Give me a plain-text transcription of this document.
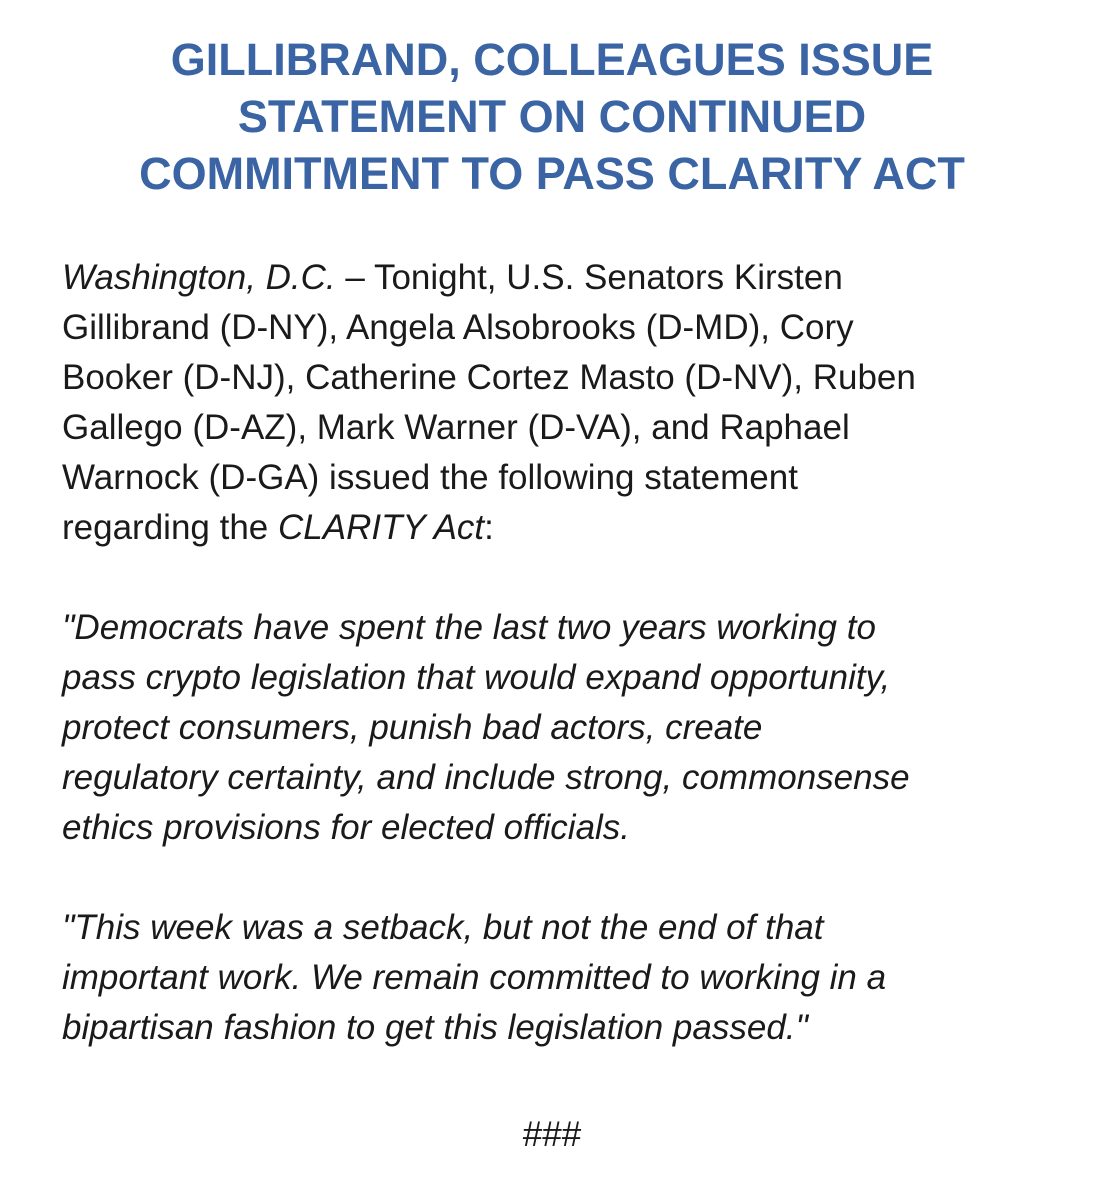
GILLIBRAND, COLLEAGUES ISSUE
STATEMENT ON CONTINUED
COMMITMENT TO PASS CLARITY ACT

Washington, D.C. – Tonight, U.S. Senators Kirsten
Gillibrand (D-NY), Angela Alsobrooks (D-MD), Cory
Booker (D-NJ), Catherine Cortez Masto (D-NV), Ruben
Gallego (D-AZ), Mark Warner (D-VA), and Raphael
Warnock (D-GA) issued the following statement
regarding the CLARITY Act:

"Democrats have spent the last two years working to
pass crypto legislation that would expand opportunity,
protect consumers, punish bad actors, create
regulatory certainty, and include strong, commonsense
ethics provisions for elected officials.

"This week was a setback, but not the end of that
important work. We remain committed to working in a
bipartisan fashion to get this legislation passed."

###
